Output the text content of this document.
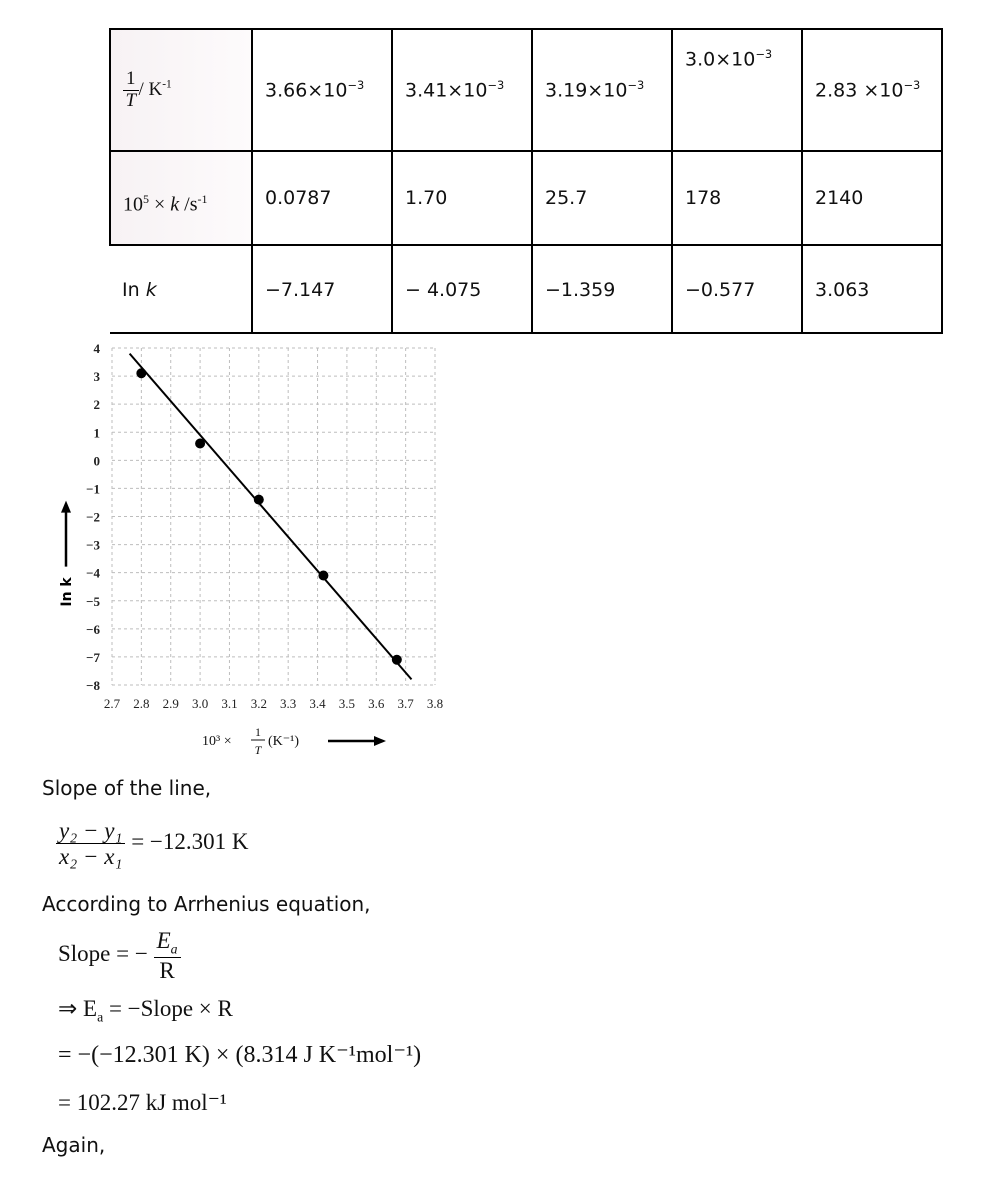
$\frac{1}{T} / K^{-1}$	$3.66\times 10^{-3}$	$3.41\times 10^{-3}$	$3.19\times 10^{-3}$	$3.0\times 10^{-3}$	$2.83 \times 10^{-3}$
$10^5 \times k$ $/s^{-1}$	0.0787	1.70	25.7	178	2140
In k	−7.147	− 4.075	−1.359	−0.577	3.063
4
3
2
1
0
−1
−2
−3
−4
−5
−6
−7
−8
2.7 2.8 2.9 3.0 3.1 3.2 3.3 3.4 3.5 3.6 3.7 3.8
In k
10³ ×
1
T
(K⁻¹)
Slope of the line,
$\frac{\text{y₂ − y₁}}{\text{x₂ − x₁}} = -12.301$ K
According to Arrhenius equation,
Slope = − $\frac{E_a}{R}$
⇒ $E_a$ = −Slope × R
= −(−12.301 K) × (8.314 J K⁻¹mol⁻¹)
= 102.27 kJ mol⁻¹
Again,
